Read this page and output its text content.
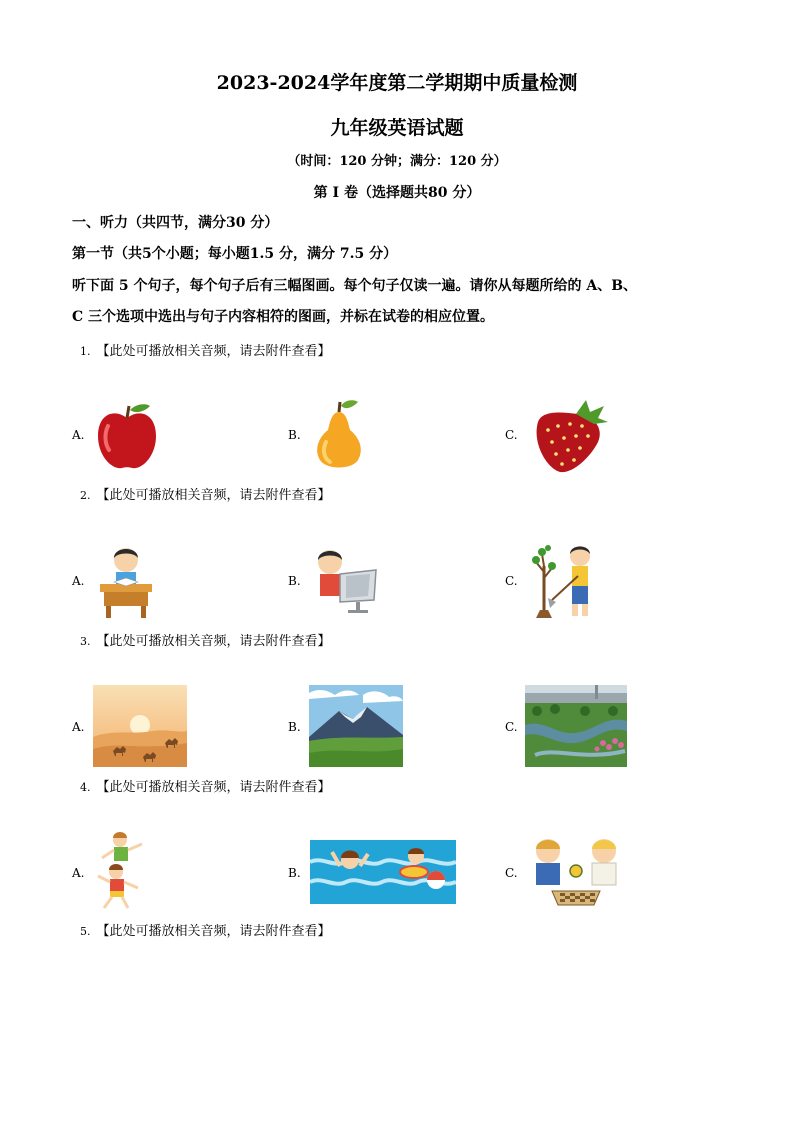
2023-2024学年度第二学期期中质量检测
九年级英语试题
（时间：120 分钟；满分：120 分）
第 I 卷（选择题共80 分）
一、听力（共四节，满分30 分）
第一节（共5个小题；每小题1.5 分，满分 7.5 分）
听下面 5 个句子，每个句子后有三幅图画。每个句子仅读一遍。请你从每题所给的 A、B、
C 三个选项中选出与句子内容相符的图画，并标在试卷的相应位置。
1. 【此处可播放相关音频，请去附件查看】
A.	B.	C.
2. 【此处可播放相关音频，请去附件查看】
A.	B.	C.
3. 【此处可播放相关音频，请去附件查看】
A.	B.	C.
4. 【此处可播放相关音频，请去附件查看】
A.	B.	C.
5. 【此处可播放相关音频，请去附件查看】
